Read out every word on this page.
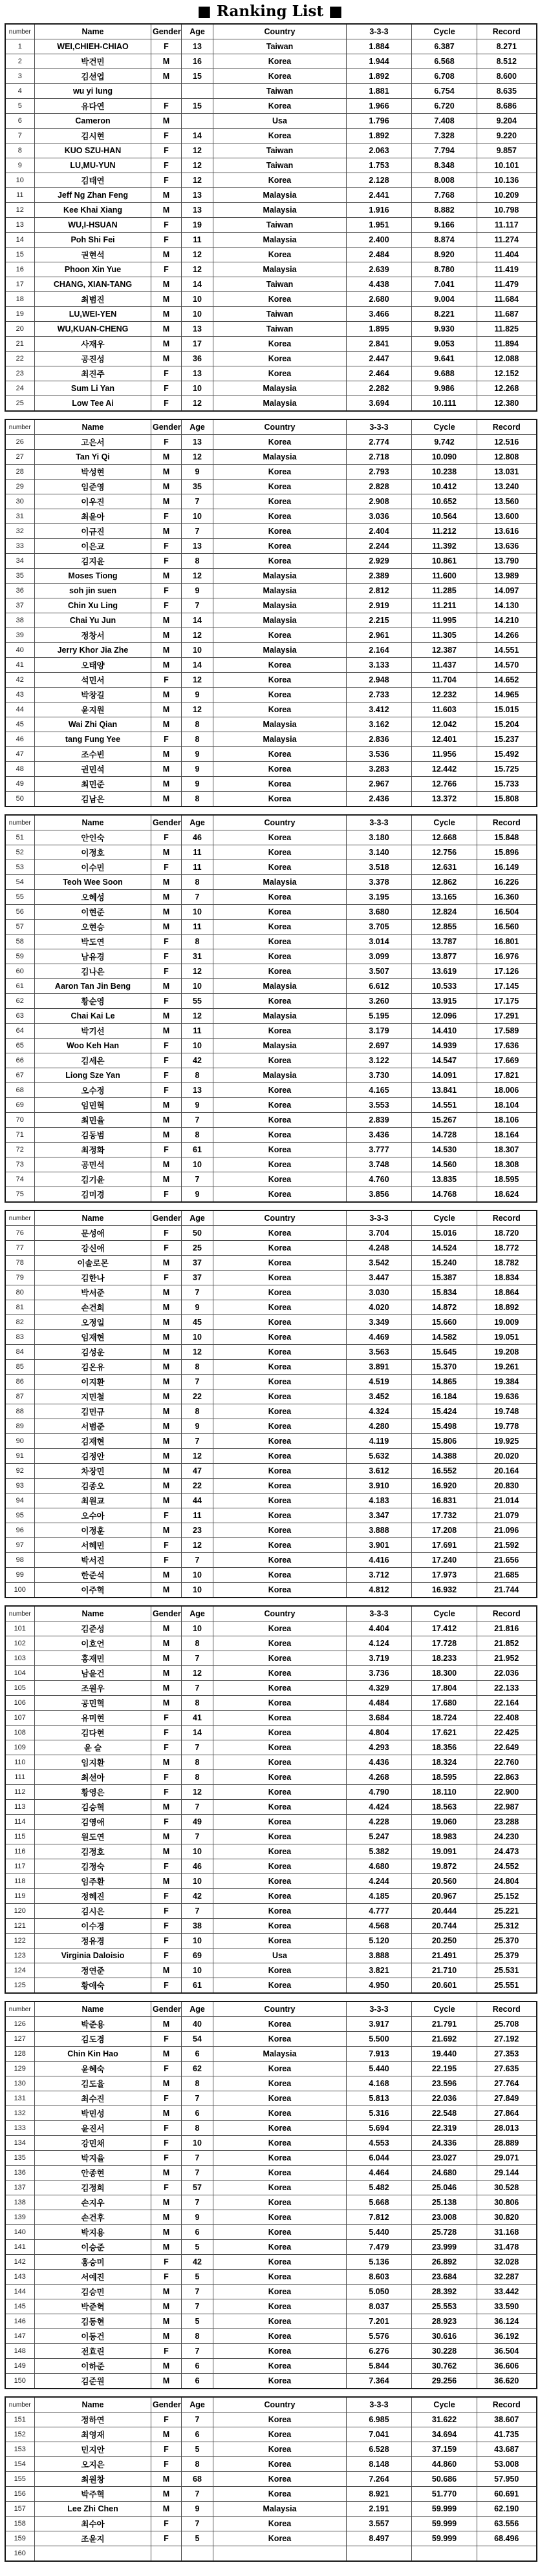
■ Ranking List ■
number	Name	Gender	Age	Country	3-3-3	Cycle	Record
1	WEI,CHIEH-CHIAO	F	13	Taiwan	1.884	6.387	8.271
2	박건민	M	16	Korea	1.944	6.568	8.512
3	김선엽	M	15	Korea	1.892	6.708	8.600
4	wu yi lung			Taiwan	1.881	6.754	8.635
5	유다연	F	15	Korea	1.966	6.720	8.686
6	Cameron	M		Usa	1.796	7.408	9.204
7	김시현	F	14	Korea	1.892	7.328	9.220
8	KUO SZU-HAN	F	12	Taiwan	2.063	7.794	9.857
9	LU,MU-YUN	F	12	Taiwan	1.753	8.348	10.101
10	김태연	F	12	Korea	2.128	8.008	10.136
11	Jeff Ng Zhan Feng	M	13	Malaysia	2.441	7.768	10.209
12	Kee Khai Xiang	M	13	Malaysia	1.916	8.882	10.798
13	WU,I-HSUAN	F	19	Taiwan	1.951	9.166	11.117
14	Poh Shi Fei	F	11	Malaysia	2.400	8.874	11.274
15	권현석	M	12	Korea	2.484	8.920	11.404
16	Phoon Xin Yue	F	12	Malaysia	2.639	8.780	11.419
17	CHANG, XIAN-TANG	M	14	Taiwan	4.438	7.041	11.479
18	최범진	M	10	Korea	2.680	9.004	11.684
19	LU,WEI-YEN	M	10	Taiwan	3.466	8.221	11.687
20	WU,KUAN-CHENG	M	13	Taiwan	1.895	9.930	11.825
21	사재우	M	17	Korea	2.841	9.053	11.894
22	공진성	M	36	Korea	2.447	9.641	12.088
23	최진주	F	13	Korea	2.464	9.688	12.152
24	Sum Li Yan	F	10	Malaysia	2.282	9.986	12.268
25	Low Tee Ai	F	12	Malaysia	3.694	10.111	12.380
number	Name	Gender	Age	Country	3-3-3	Cycle	Record
26	고은서	F	13	Korea	2.774	9.742	12.516
27	Tan Yi Qi	M	12	Malaysia	2.718	10.090	12.808
28	박성현	M	9	Korea	2.793	10.238	13.031
29	임준영	M	35	Korea	2.828	10.412	13.240
30	이우진	M	7	Korea	2.908	10.652	13.560
31	최윤아	F	10	Korea	3.036	10.564	13.600
32	이규진	M	7	Korea	2.404	11.212	13.616
33	이은교	F	13	Korea	2.244	11.392	13.636
34	김지윤	F	8	Korea	2.929	10.861	13.790
35	Moses Tiong	M	12	Malaysia	2.389	11.600	13.989
36	soh jin suen	F	9	Malaysia	2.812	11.285	14.097
37	Chin Xu Ling	F	7	Malaysia	2.919	11.211	14.130
38	Chai Yu Jun	M	14	Malaysia	2.215	11.995	14.210
39	정창서	M	12	Korea	2.961	11.305	14.266
40	Jerry Khor Jia Zhe	M	10	Malaysia	2.164	12.387	14.551
41	오태양	M	14	Korea	3.133	11.437	14.570
42	석민서	F	12	Korea	2.948	11.704	14.652
43	박창길	M	9	Korea	2.733	12.232	14.965
44	윤지원	M	12	Korea	3.412	11.603	15.015
45	Wai Zhi Qian	M	8	Malaysia	3.162	12.042	15.204
46	tang Fung Yee	F	8	Malaysia	2.836	12.401	15.237
47	조수빈	M	9	Korea	3.536	11.956	15.492
48	권민석	M	9	Korea	3.283	12.442	15.725
49	최민준	M	9	Korea	2.967	12.766	15.733
50	김남은	M	8	Korea	2.436	13.372	15.808
number	Name	Gender	Age	Country	3-3-3	Cycle	Record
51	안인숙	F	46	Korea	3.180	12.668	15.848
52	이정호	M	11	Korea	3.140	12.756	15.896
53	이수민	F	11	Korea	3.518	12.631	16.149
54	Teoh Wee Soon	M	8	Malaysia	3.378	12.862	16.226
55	오혜성	M	7	Korea	3.195	13.165	16.360
56	이현준	M	10	Korea	3.680	12.824	16.504
57	오현승	M	11	Korea	3.705	12.855	16.560
58	박도연	F	8	Korea	3.014	13.787	16.801
59	남유경	F	31	Korea	3.099	13.877	16.976
60	김나은	F	12	Korea	3.507	13.619	17.126
61	Aaron Tan Jin Beng	M	10	Malaysia	6.612	10.533	17.145
62	황순영	F	55	Korea	3.260	13.915	17.175
63	Chai Kai Le	M	12	Malaysia	5.195	12.096	17.291
64	박기선	M	11	Korea	3.179	14.410	17.589
65	Woo Keh Han	F	10	Malaysia	2.697	14.939	17.636
66	김세은	F	42	Korea	3.122	14.547	17.669
67	Liong Sze Yan	F	8	Malaysia	3.730	14.091	17.821
68	오수정	F	13	Korea	4.165	13.841	18.006
69	임민혁	M	9	Korea	3.553	14.551	18.104
70	최민율	M	7	Korea	2.839	15.267	18.106
71	김동범	M	8	Korea	3.436	14.728	18.164
72	최정화	F	61	Korea	3.777	14.530	18.307
73	공민석	M	10	Korea	3.748	14.560	18.308
74	김기윤	M	7	Korea	4.760	13.835	18.595
75	김미경	F	9	Korea	3.856	14.768	18.624
number	Name	Gender	Age	Country	3-3-3	Cycle	Record
76	문성애	F	50	Korea	3.704	15.016	18.720
77	강신애	F	25	Korea	4.248	14.524	18.772
78	이솔로몬	M	37	Korea	3.542	15.240	18.782
79	김한나	F	37	Korea	3.447	15.387	18.834
80	박서준	M	7	Korea	3.030	15.834	18.864
81	손건희	M	9	Korea	4.020	14.872	18.892
82	오정일	M	45	Korea	3.349	15.660	19.009
83	임재현	M	10	Korea	4.469	14.582	19.051
84	김성운	M	12	Korea	3.563	15.645	19.208
85	김온유	M	8	Korea	3.891	15.370	19.261
86	이지환	M	7	Korea	4.519	14.865	19.384
87	지민철	M	22	Korea	3.452	16.184	19.636
88	김민규	M	8	Korea	4.324	15.424	19.748
89	서범준	M	9	Korea	4.280	15.498	19.778
90	김재현	M	7	Korea	4.119	15.806	19.925
91	김정안	M	12	Korea	5.632	14.388	20.020
92	차장민	M	47	Korea	3.612	16.552	20.164
93	김종오	M	22	Korea	3.910	16.920	20.830
94	최원교	M	44	Korea	4.183	16.831	21.014
95	오수아	F	11	Korea	3.347	17.732	21.079
96	이정훈	M	23	Korea	3.888	17.208	21.096
97	서혜민	F	12	Korea	3.901	17.691	21.592
98	박서진	F	7	Korea	4.416	17.240	21.656
99	한준석	M	10	Korea	3.712	17.973	21.685
100	이주혁	M	10	Korea	4.812	16.932	21.744
number	Name	Gender	Age	Country	3-3-3	Cycle	Record
101	김준성	M	10	Korea	4.404	17.412	21.816
102	이호언	M	8	Korea	4.124	17.728	21.852
103	홍재민	M	7	Korea	3.719	18.233	21.952
104	남윤건	M	12	Korea	3.736	18.300	22.036
105	조원우	M	7	Korea	4.329	17.804	22.133
106	공민혁	M	8	Korea	4.484	17.680	22.164
107	유미현	F	41	Korea	3.684	18.724	22.408
108	김다현	F	14	Korea	4.804	17.621	22.425
109	윤 슬	F	7	Korea	4.293	18.356	22.649
110	임지환	M	8	Korea	4.436	18.324	22.760
111	최선아	F	8	Korea	4.268	18.595	22.863
112	황영은	F	12	Korea	4.790	18.110	22.900
113	김승혁	M	7	Korea	4.424	18.563	22.987
114	김영애	F	49	Korea	4.228	19.060	23.288
115	원도연	M	7	Korea	5.247	18.983	24.230
116	김정호	M	10	Korea	5.382	19.091	24.473
117	김정숙	F	46	Korea	4.680	19.872	24.552
118	임주환	M	10	Korea	4.244	20.560	24.804
119	정혜진	F	42	Korea	4.185	20.967	25.152
120	김시은	F	7	Korea	4.777	20.444	25.221
121	이수경	F	38	Korea	4.568	20.744	25.312
122	정유경	F	10	Korea	5.120	20.250	25.370
123	Virginia Daloisio	F	69	Usa	3.888	21.491	25.379
124	정연준	M	10	Korea	3.821	21.710	25.531
125	황애숙	F	61	Korea	4.950	20.601	25.551
number	Name	Gender	Age	Country	3-3-3	Cycle	Record
126	박준용	M	40	Korea	3.917	21.791	25.708
127	김도경	F	54	Korea	5.500	21.692	27.192
128	Chin Kin Hao	M	6	Malaysia	7.913	19.440	27.353
129	윤혜숙	F	62	Korea	5.440	22.195	27.635
130	김도율	M	8	Korea	4.168	23.596	27.764
131	최수진	F	7	Korea	5.813	22.036	27.849
132	박민성	M	6	Korea	5.316	22.548	27.864
133	윤진서	F	8	Korea	5.694	22.319	28.013
134	강민채	F	10	Korea	4.553	24.336	28.889
135	박지율	F	7	Korea	6.044	23.027	29.071
136	안종현	M	7	Korea	4.464	24.680	29.144
137	김정희	F	57	Korea	5.482	25.046	30.528
138	손지우	M	7	Korea	5.668	25.138	30.806
139	손건후	M	9	Korea	7.812	23.008	30.820
140	박지용	M	6	Korea	5.440	25.728	31.168
141	이승준	M	5	Korea	7.479	23.999	31.478
142	홍승미	F	42	Korea	5.136	26.892	32.028
143	서예진	F	5	Korea	8.603	23.684	32.287
144	김승민	M	7	Korea	5.050	28.392	33.442
145	박준혁	M	7	Korea	8.037	25.553	33.590
146	김동현	M	5	Korea	7.201	28.923	36.124
147	이동건	M	8	Korea	5.576	30.616	36.192
148	전효린	F	7	Korea	6.276	30.228	36.504
149	이하준	M	6	Korea	5.844	30.762	36.606
150	김준원	M	6	Korea	7.364	29.256	36.620
number	Name	Gender	Age	Country	3-3-3	Cycle	Record
151	정하연	F	7	Korea	6.985	31.622	38.607
152	최영재	M	6	Korea	7.041	34.694	41.735
153	민지안	F	5	Korea	6.528	37.159	43.687
154	오지은	F	8	Korea	8.148	44.860	53.008
155	최원창	M	68	Korea	7.264	50.686	57.950
156	박주혁	M	7	Korea	8.921	51.770	60.691
157	Lee Zhi Chen	M	9	Malaysia	2.191	59.999	62.190
158	최수아	F	7	Korea	3.557	59.999	63.556
159	조윤지	F	5	Korea	8.497	59.999	68.496
160							
